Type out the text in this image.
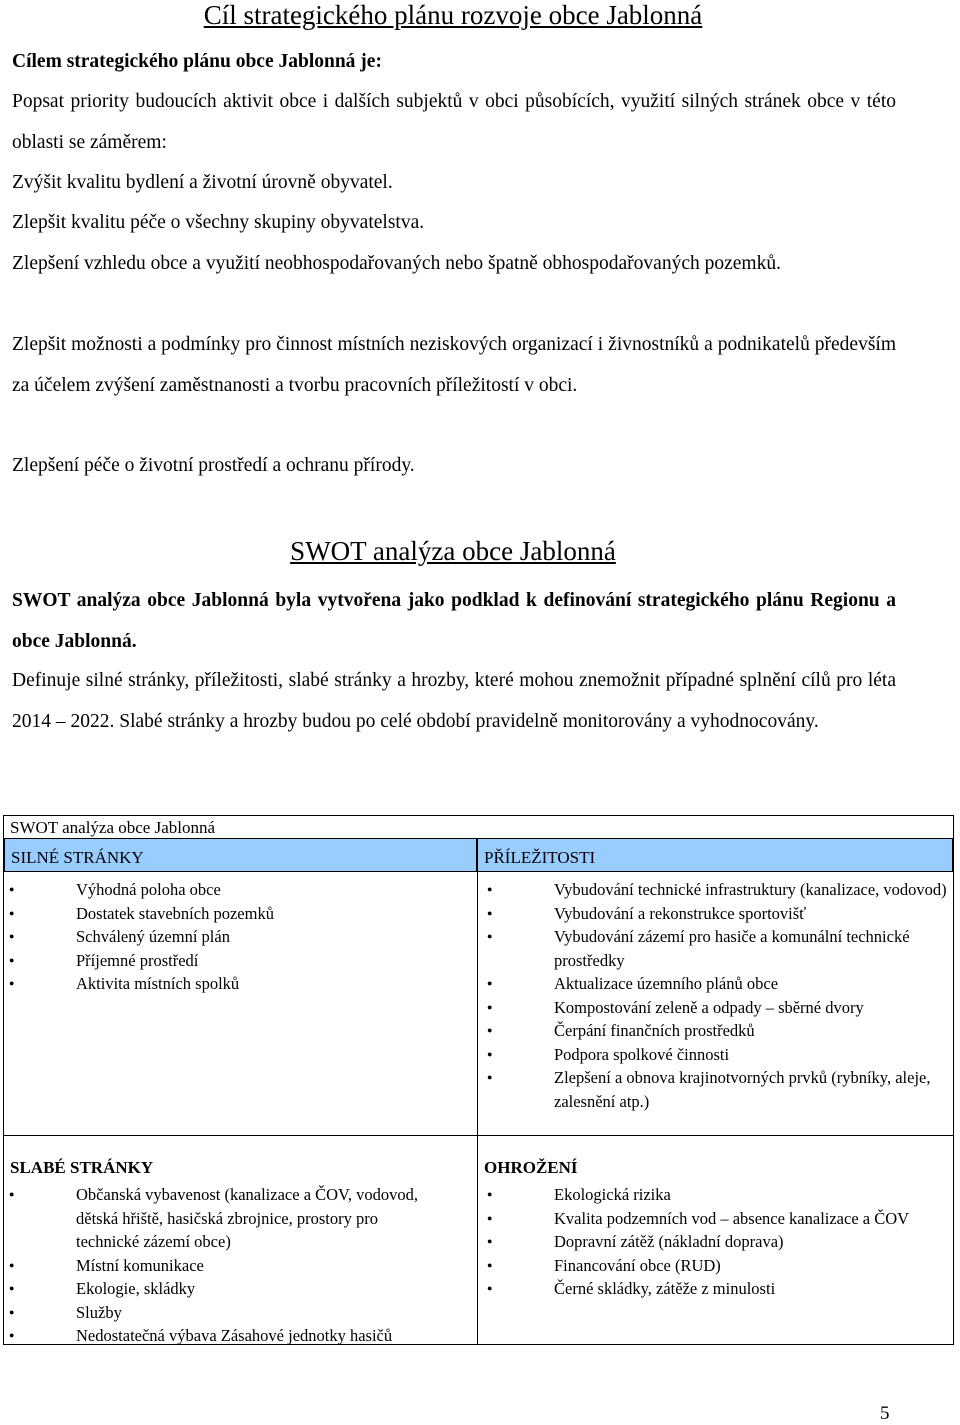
Cíl strategického plánu rozvoje obce Jablonná

Cílem strategického plánu obce Jablonná je:

Popsat priority budoucích aktivit obce i dalších subjektů v obci působících, využití silných stránek obce v této oblasti se záměrem:

Zvýšit kvalitu bydlení a životní úrovně obyvatel.

Zlepšit kvalitu péče o všechny skupiny obyvatelstva.

Zlepšení vzhledu obce a využití neobhospodařovaných nebo špatně obhospodařovaných pozemků.

Zlepšit možnosti a podmínky pro činnost místních neziskových organizací i živnostníků a podnikatelů především za účelem zvýšení zaměstnanosti a tvorbu pracovních příležitostí v obci.

Zlepšení péče o životní prostředí a ochranu přírody.

SWOT analýza obce Jablonná

SWOT analýza obce Jablonná byla vytvořena jako podklad k definování strategického plánu Regionu a obce Jablonná.

Definuje silné stránky, příležitosti, slabé stránky a hrozby, které mohou znemožnit případné splnění cílů pro léta 2014 – 2022. Slabé stránky a hrozby budou po celé období pravidelně monitorovány a vyhodnocovány.

SWOT analýza obce Jablonná
SILNÉ STRÁNKY	PŘÍLEŽITOSTI
● Výhodná poloha obce
● Dostatek stavebních pozemků
● Schválený územní plán
● Příjemné prostředí
● Aktivita místních spolků
● Vybudování technické infrastruktury (kanalizace, vodovod)
● Vybudování a rekonstrukce sportovišť
● Vybudování zázemí pro hasiče a komunální technické prostředky
● Aktualizace územního plánů obce
● Kompostování zeleně a odpady – sběrné dvory
● Čerpání finančních prostředků
● Podpora spolkové činnosti
● Zlepšení a obnova krajinotvorných prvků (rybníky, aleje, zalesnění atp.)
SLABÉ STRÁNKY	OHROŽENÍ
● Občanská vybavenost (kanalizace a ČOV, vodovod, dětská hřiště, hasičská zbrojnice, prostory pro technické zázemí obce)
● Místní komunikace
● Ekologie, skládky
● Služby
● Nedostatečná výbava Zásahové jednotky hasičů
● Ekologická rizika
● Kvalita podzemních vod – absence kanalizace a ČOV
● Dopravní zátěž (nákladní doprava)
● Financování obce (RUD)
● Černé skládky, zátěže z minulosti
5
